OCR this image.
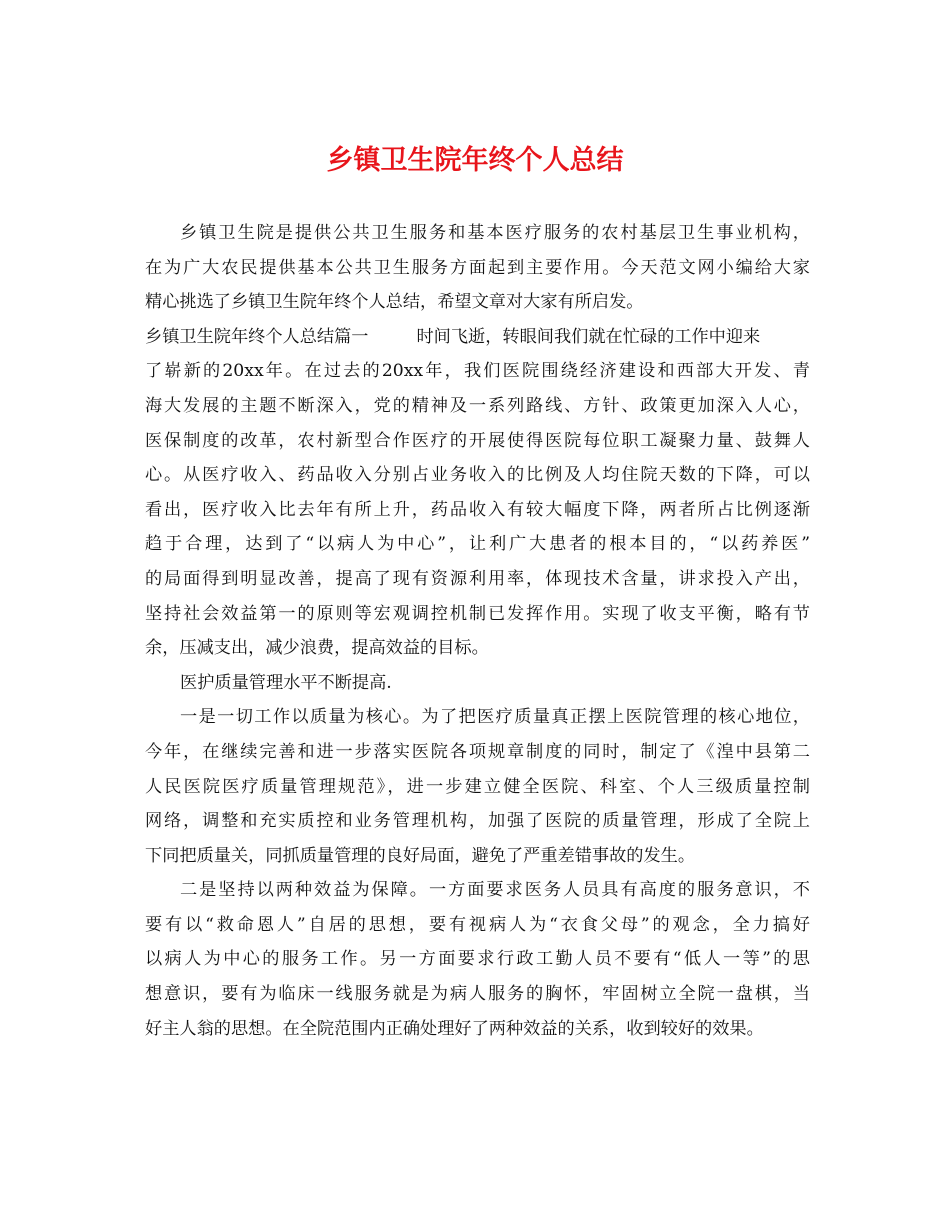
乡镇卫生院年终个人总结
乡镇卫生院是提供公共卫生服务和基本医疗服务的农村基层卫生事业机构，
在为广大农民提供基本公共卫生服务方面起到主要作用。今天范文网小编给大家
精心挑选了乡镇卫生院年终个人总结，希望文章对大家有所启发。
乡镇卫生院年终个人总结篇一	时间飞逝，转眼间我们就在忙碌的工作中迎来
了崭新的20xx年。在过去的20xx年，我们医院围绕经济建设和西部大开发、青
海大发展的主题不断深入，党的精神及一系列路线、方针、政策更加深入人心，
医保制度的改革，农村新型合作医疗的开展使得医院每位职工凝聚力量、鼓舞人
心。从医疗收入、药品收入分别占业务收入的比例及人均住院天数的下降，可以
看出，医疗收入比去年有所上升，药品收入有较大幅度下降，两者所占比例逐渐
趋于合理，达到了“以病人为中心”，让利广大患者的根本目的，“以药养医”
的局面得到明显改善，提高了现有资源利用率，体现技术含量，讲求投入产出，
坚持社会效益第一的原则等宏观调控机制已发挥作用。实现了收支平衡，略有节
余，压减支出，减少浪费，提高效益的目标。
医护质量管理水平不断提高.
一是一切工作以质量为核心。为了把医疗质量真正摆上医院管理的核心地位，
今年，在继续完善和进一步落实医院各项规章制度的同时，制定了《湟中县第二
人民医院医疗质量管理规范》，进一步建立健全医院、科室、个人三级质量控制
网络，调整和充实质控和业务管理机构，加强了医院的质量管理，形成了全院上
下同把质量关，同抓质量管理的良好局面，避免了严重差错事故的发生。
二是坚持以两种效益为保障。一方面要求医务人员具有高度的服务意识，不
要有以“救命恩人”自居的思想，要有视病人为“衣食父母”的观念，全力搞好
以病人为中心的服务工作。另一方面要求行政工勤人员不要有“低人一等”的思
想意识，要有为临床一线服务就是为病人服务的胸怀，牢固树立全院一盘棋，当
好主人翁的思想。在全院范围内正确处理好了两种效益的关系，收到较好的效果。
